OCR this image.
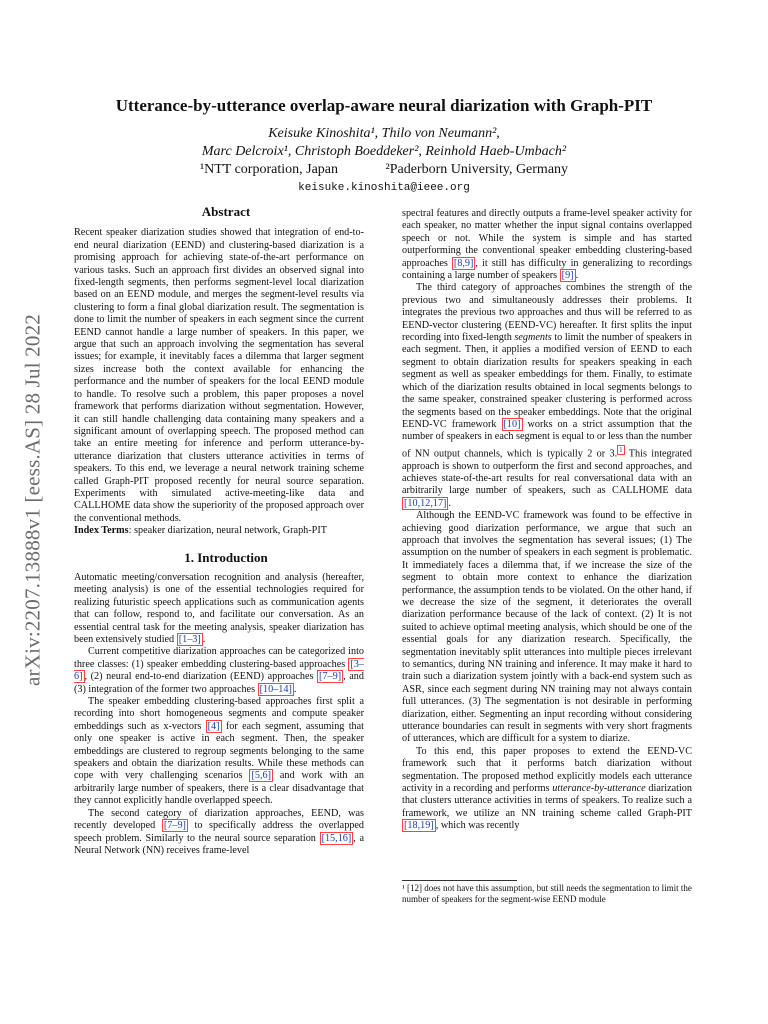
arXiv:2207.13888v1 [eess.AS] 28 Jul 2022
Utterance-by-utterance overlap-aware neural diarization with Graph-PIT
Keisuke Kinoshita¹, Thilo von Neumann²,
Marc Delcroix¹, Christoph Boeddeker², Reinhold Haeb-Umbach²
¹NTT corporation, Japan	²Paderborn University, Germany
keisuke.kinoshita@ieee.org

Abstract

Recent speaker diarization studies showed that integration of end-to-end neural diarization (EEND) and clustering-based diarization is a promising approach for achieving state-of-the-art performance on various tasks. Such an approach first divides an observed signal into fixed-length segments, then performs segment-level local diarization based on an EEND module, and merges the segment-level results via clustering to form a final global diarization result. The segmentation is done to limit the number of speakers in each segment since the current EEND cannot handle a large number of speakers. In this paper, we argue that such an approach involving the segmentation has several issues; for example, it inevitably faces a dilemma that larger segment sizes increase both the context available for enhancing the performance and the number of speakers for the local EEND module to handle. To resolve such a problem, this paper proposes a novel framework that performs diarization without segmentation. However, it can still handle challenging data containing many speakers and a significant amount of overlapping speech. The proposed method can take an entire meeting for inference and perform utterance-by-utterance diarization that clusters utterance activities in terms of speakers. To this end, we leverage a neural network training scheme called Graph-PIT proposed recently for neural source separation. Experiments with simulated active-meeting-like data and CALLHOME data show the superiority of the proposed approach over the conventional methods.

Index Terms: speaker diarization, neural network, Graph-PIT

1. Introduction

Automatic meeting/conversation recognition and analysis (hereafter, meeting analysis) is one of the essential technologies required for realizing futuristic speech applications such as communication agents that can follow, respond to, and facilitate our conversation. As an essential central task for the meeting analysis, speaker diarization has been extensively studied [1–3] .

Current competitive diarization approaches can be categorized into three classes: (1) speaker embedding clustering-based approaches [3–6] , (2) neural end-to-end diarization (EEND) approaches [7–9] , and (3) integration of the former two approaches [10–14] .

The speaker embedding clustering-based approaches first split a recording into short homogeneous segments and compute speaker embeddings such as x-vectors [4] for each segment, assuming that only one speaker is active in each segment. Then, the speaker embeddings are clustered to regroup segments belonging to the same speakers and obtain the diarization results. While these methods can cope with very challenging scenarios [5,6] and work with an arbitrarily large number of speakers, there is a clear disadvantage that they cannot explicitly handle overlapped speech.

The second category of diarization approaches, EEND, was recently developed [7–9] to specifically address the overlapped speech problem. Similarly to the neural source separation [15,16] , a Neural Network (NN) receives frame-level

spectral features and directly outputs a frame-level speaker activity for each speaker, no matter whether the input signal contains overlapped speech or not. While the system is simple and has started outperforming the conventional speaker embedding clustering-based approaches [8,9] , it still has difficulty in generalizing to recordings containing a large number of speakers [9] .

The third category of approaches combines the strength of the previous two and simultaneously addresses their problems. It integrates the previous two approaches and thus will be referred to as EEND-vector clustering (EEND-VC) hereafter. It first splits the input recording into fixed-length segments to limit the number of speakers in each segment. Then, it applies a modified version of EEND to each segment to obtain diarization results for speakers speaking in each segment as well as speaker embeddings for them. Finally, to estimate which of the diarization results obtained in local segments belongs to the same speaker, constrained speaker clustering is performed across the segments based on the speaker embeddings. Note that the original EEND-VC framework [10] works on a strict assumption that the number of speakers in each segment is equal to or less than the number of NN output channels, which is typically 2 or 3. $^1$ This integrated approach is shown to outperform the first and second approaches, and achieves state-of-the-art results for real conversational data with an arbitrarily large number of speakers, such as CALLHOME data [10,12,17] .

Although the EEND-VC framework was found to be effective in achieving good diarization performance, we argue that such an approach that involves the segmentation has several issues; (1) The assumption on the number of speakers in each segment is problematic. It immediately faces a dilemma that, if we increase the size of the segment to obtain more context to enhance the diarization performance, the assumption tends to be violated. On the other hand, if we decrease the size of the segment, it deteriorates the overall diarization performance because of the lack of context. (2) It is not suited to achieve optimal meeting analysis, which should be one of the essential goals for any diarization research. Specifically, the segmentation inevitably split utterances into multiple pieces irrelevant to semantics, during NN training and inference. It may make it hard to train such a diarization system jointly with a back-end system such as ASR, since each segment during NN training may not always contain full utterances. (3) The segmentation is not desirable in performing diarization, either. Segmenting an input recording without considering utterance boundaries can result in segments with very short fragments of utterances, which are difficult for a system to diarize.

To this end, this paper proposes to extend the EEND-VC framework such that it performs batch diarization without segmentation. The proposed method explicitly models each utterance activity in a recording and performs utterance-by-utterance diarization that clusters utterance activities in terms of speakers. To realize such a framework, we utilize an NN training scheme called Graph-PIT [18,19] , which was recently

¹ [12] does not have this assumption, but still needs the segmentation to limit the number of speakers for the segment-wise EEND module
